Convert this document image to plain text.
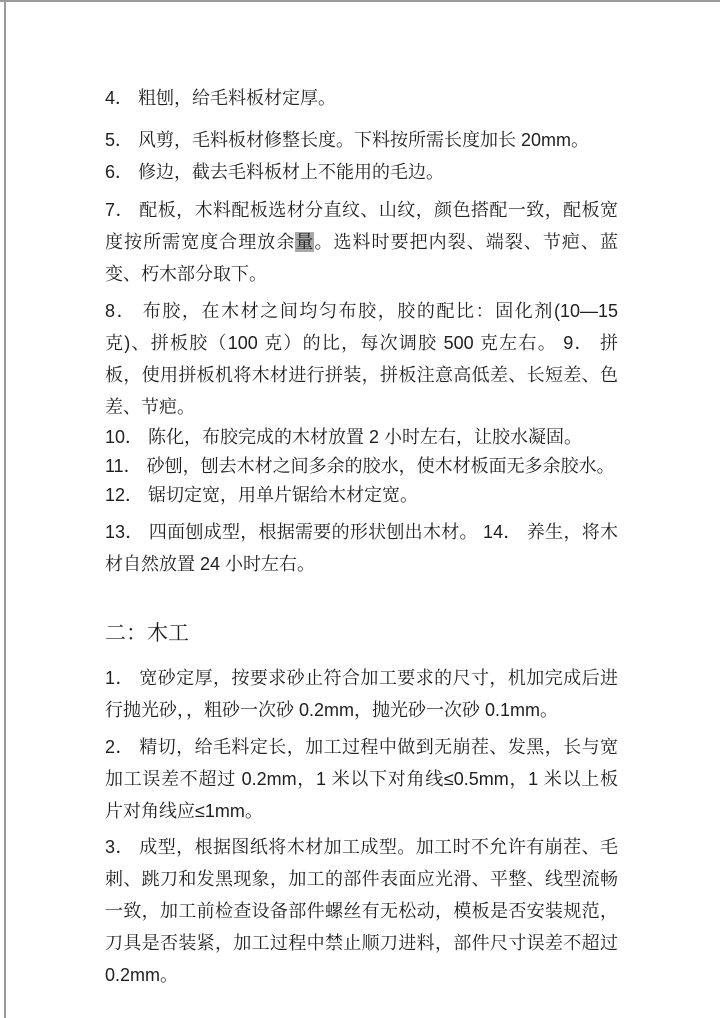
4． 粗刨，给毛料板材定厚。

5． 风剪，毛料板材修整长度。下料按所需长度加长 20mm。

6． 修边，截去毛料板材上不能用的毛边。

7． 配板，木料配板选材分直纹、山纹，颜色搭配一致，配板宽度按所需宽度合理放余量。选料时要把内裂、端裂、节疤、蓝变、朽木部分取下。

8． 布胶，在木材之间均匀布胶，胶的配比：固化剂(10—15 克)、拼板胶（100 克）的比，每次调胶 500 克左右。 9． 拼板，使用拼板机将木材进行拼装，拼板注意高低差、长短差、色差、节疤。

10． 陈化，布胶完成的木材放置 2 小时左右，让胶水凝固。

11． 砂刨，刨去木材之间多余的胶水，使木材板面无多余胶水。

12． 锯切定宽，用单片锯给木材定宽。

13． 四面刨成型，根据需要的形状刨出木材。 14． 养生，将木材自然放置 24 小时左右。

二：木工

1． 宽砂定厚，按要求砂止符合加工要求的尺寸，机加完成后进行抛光砂，，粗砂一次砂 0.2mm，抛光砂一次砂 0.1mm。

2． 精切，给毛料定长，加工过程中做到无崩茬、发黑，长与宽加工误差不超过 0.2mm，1 米以下对角线≤0.5mm，1 米以上板片对角线应≤1mm。

3． 成型，根据图纸将木材加工成型。加工时不允许有崩茬、毛刺、跳刀和发黑现象，加工的部件表面应光滑、平整、线型流畅一致，加工前检查设备部件螺丝有无松动，模板是否安装规范，刀具是否装紧，加工过程中禁止顺刀进料，部件尺寸误差不超过 0.2mm。
